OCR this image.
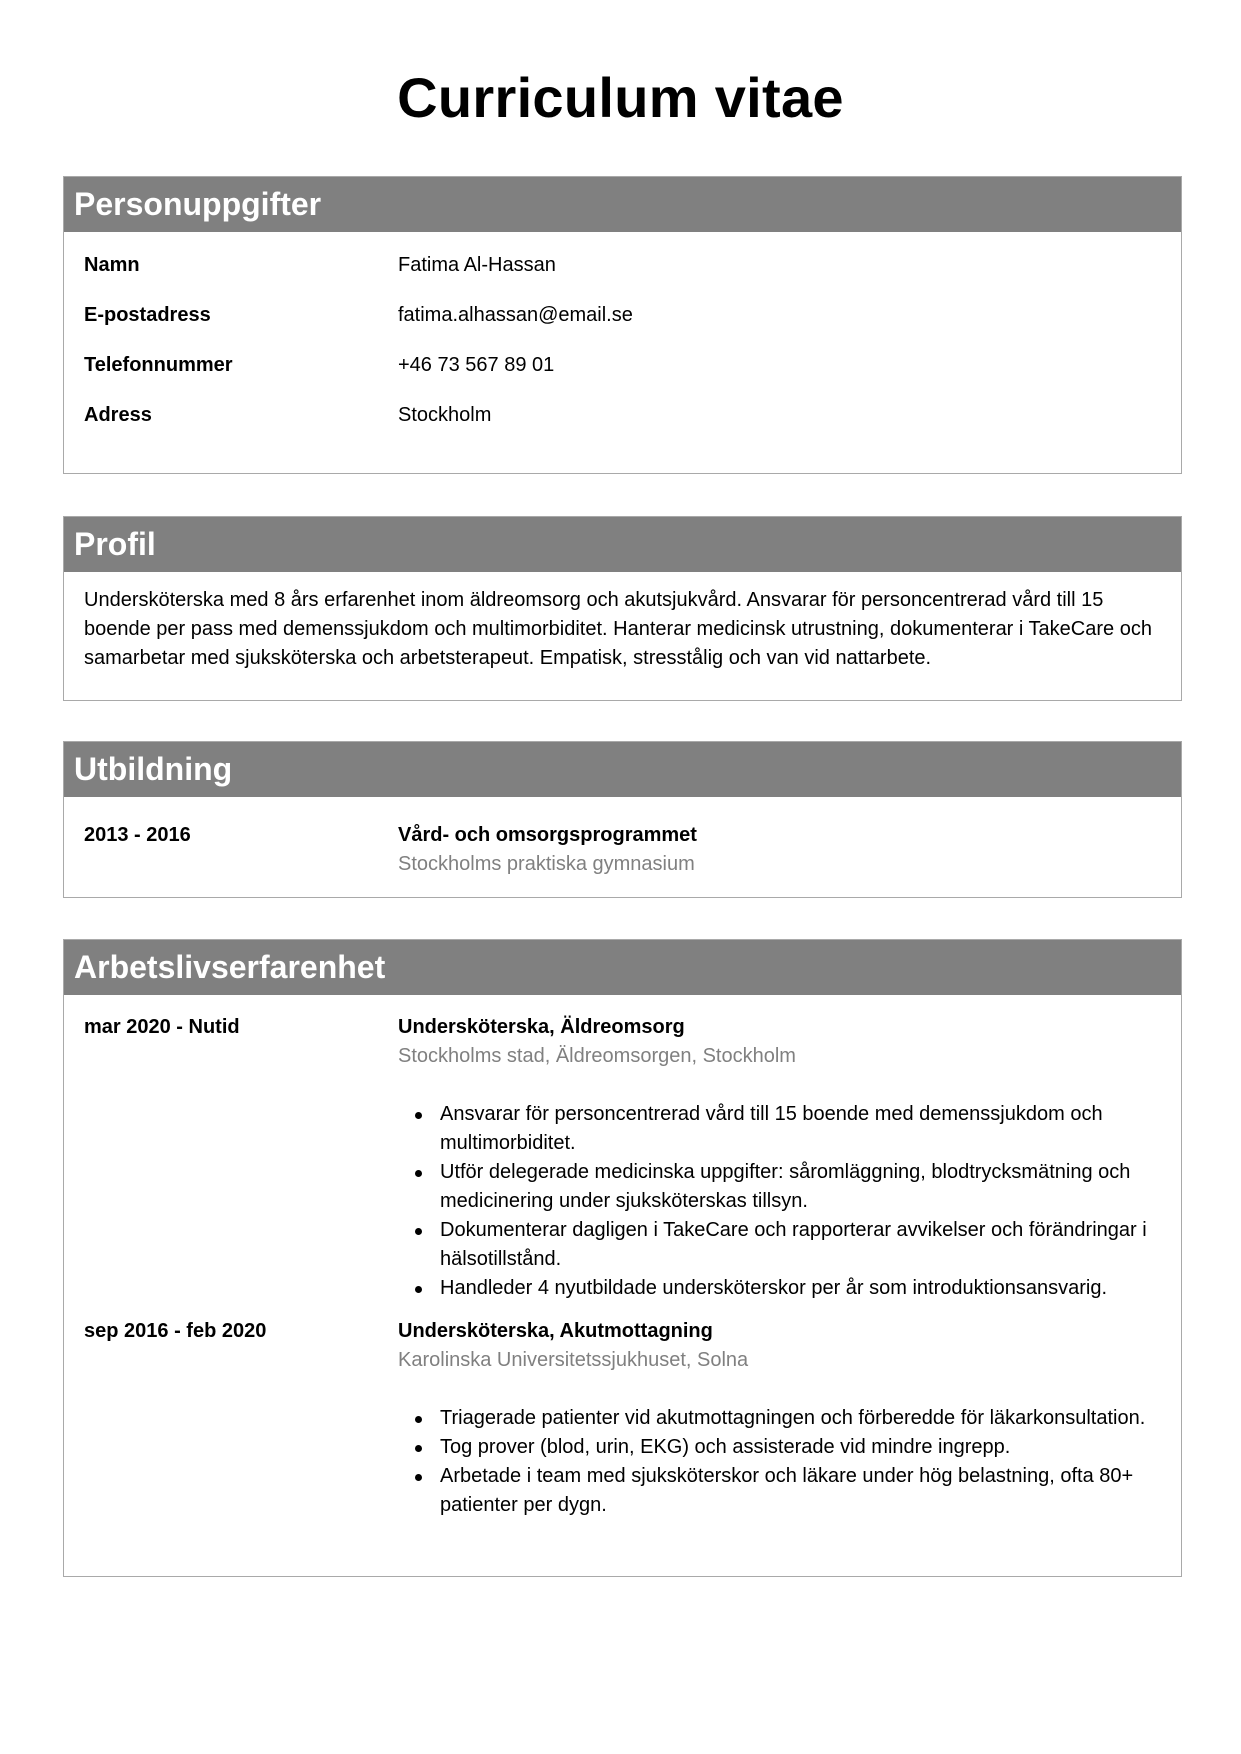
Curriculum vitae
Personuppgifter
Namn	Fatima Al-Hassan
E-postadress	fatima.alhassan@email.se
Telefonnummer	+46 73 567 89 01
Adress	Stockholm
Profil

Undersköterska med 8 års erfarenhet inom äldreomsorg och akutsjukvård. Ansvarar för personcentrerad vård till 15 boende per pass med demenssjukdom och multimorbiditet. Hanterar medicinsk utrustning, dokumenterar i TakeCare och samarbetar med sjuksköterska och arbetsterapeut. Empatisk, stresstålig och van vid nattarbete.

Utbildning
2013 - 2016	Vård- och omsorgsprogrammet
Stockholms praktiska gymnasium
Arbetslivserfarenhet
mar 2020 - Nutid	Undersköterska, Äldreomsorg
Stockholms stad, Äldreomsorgen, Stockholm
Ansvarar för personcentrerad vård till 15 boende med demenssjukdom och multimorbiditet.
Utför delegerade medicinska uppgifter: såromläggning, blodtrycksmätning och medicinering under sjuksköterskas tillsyn.
Dokumenterar dagligen i TakeCare och rapporterar avvikelser och förändringar i hälsotillstånd.
Handleder 4 nyutbildade undersköterskor per år som introduktionsansvarig.
sep 2016 - feb 2020	Undersköterska, Akutmottagning
Karolinska Universitetssjukhuset, Solna
Triagerade patienter vid akutmottagningen och förberedde för läkarkonsultation.
Tog prover (blod, urin, EKG) och assisterade vid mindre ingrepp.
Arbetade i team med sjuksköterskor och läkare under hög belastning, ofta 80+ patienter per dygn.
